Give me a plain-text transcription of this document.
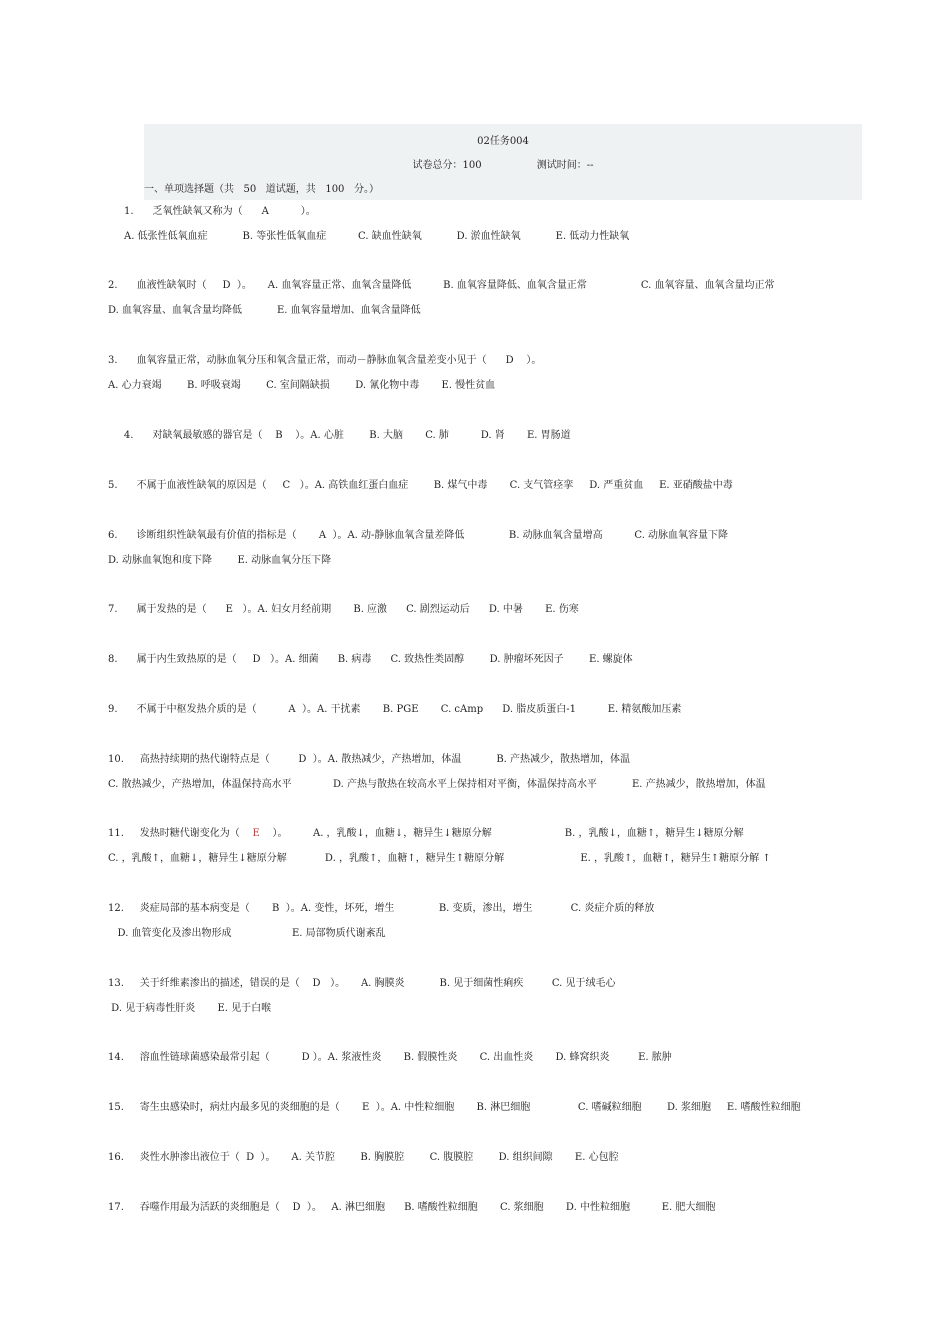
02任务004
试卷总分：100	测试时间：--
一、单项选择题（共   50   道试题，共   100   分。）
1.      乏氧性缺氧又称为（      A          ）。
A. 低张性低氧血症           B. 等张性低氧血症          C. 缺血性缺氧           D. 淤血性缺氧           E. 低动力性缺氧
2.      血液性缺氧时（     D  ）。     A. 血氧容量正常、血氧含量降低          B. 血氧容量降低、血氧含量正常                 C. 血氧容量、血氧含量均正常
D. 血氧容量、血氧含量均降低           E. 血氧容量增加、血氧含量降低
3.      血氧容量正常，动脉血氧分压和氧含量正常，而动－静脉血氧含量差变小见于（      D    ）。
A. 心力衰竭        B. 呼吸衰竭        C. 室间隔缺损        D. 氰化物中毒       E. 慢性贫血
4.      对缺氧最敏感的器官是（    B    ）。A. 心脏        B. 大脑       C. 肺          D. 肾       E. 胃肠道
5.      不属于血液性缺氧的原因是（     C   ）。A. 高铁血红蛋白血症        B. 煤气中毒       C. 支气管痉挛     D. 严重贫血     E. 亚硝酸盐中毒
6.      诊断组织性缺氧最有价值的指标是（       A  ）。A. 动-静脉血氧含量差降低              B. 动脉血氧含量增高          C. 动脉血氧容量下降
D. 动脉血氧饱和度下降        E. 动脉血氧分压下降
7.      属于发热的是（      E   ）。A. 妇女月经前期       B. 应激      C. 剧烈运动后      D. 中暑       E. 伤寒
8.      属于内生致热原的是（     D   ）。A. 细菌      B. 病毒      C. 致热性类固醇        D. 肿瘤坏死因子        E. 螺旋体
9.      不属于中枢发热介质的是（          A  ）。A. 干扰素       B. PGE       C. cAmp      D. 脂皮质蛋白-1          E. 精氨酸加压素
10.     高热持续期的热代谢特点是（         D  ）。A. 散热减少，产热增加，体温           B. 产热减少，散热增加，体温
C. 散热减少，产热增加，体温保持高水平             D. 产热与散热在较高水平上保持相对平衡，体温保持高水平           E. 产热减少，散热增加，体温
11.     发热时糖代谢变化为（    E    ）。        A. ，乳酸↓，血糖↓，糖异生↓糖原分解                       B. ，乳酸↓，血糖↑，糖异生↓糖原分解
C. ，乳酸↑，血糖↓，糖异生↓糖原分解            D. ，乳酸↑，血糖↑，糖异生↑糖原分解                        E. ，乳酸↑，血糖↑，糖异生↑糖原分解 ↑
12.     炎症局部的基本病变是（       B  ）。A. 变性，坏死，增生              B. 变质，渗出，增生            C. 炎症介质的释放
D. 血管变化及渗出物形成                   E. 局部物质代谢紊乱
13.     关于纤维素渗出的描述，错误的是（    D   ）。     A. 胸膜炎           B. 见于细菌性痢疾         C. 见于绒毛心
D. 见于病毒性肝炎       E. 见于白喉
14.     溶血性链球菌感染最常引起（          D ）。A. 浆液性炎       B. 假膜性炎       C. 出血性炎       D. 蜂窝织炎         E. 脓肿
15.     寄生虫感染时，病灶内最多见的炎细胞的是（       E  ）。A. 中性粒细胞       B. 淋巴细胞               C. 嗜碱粒细胞        D. 浆细胞     E. 嗜酸性粒细胞
16.     炎性水肿渗出液位于（  D  ）。     A. 关节腔        B. 胸膜腔        C. 腹膜腔        D. 组织间隙       E. 心包腔
17.     吞噬作用最为活跃的炎细胞是（    D  ）。   A. 淋巴细胞      B. 嗜酸性粒细胞       C. 浆细胞       D. 中性粒细胞          E. 肥大细胞
